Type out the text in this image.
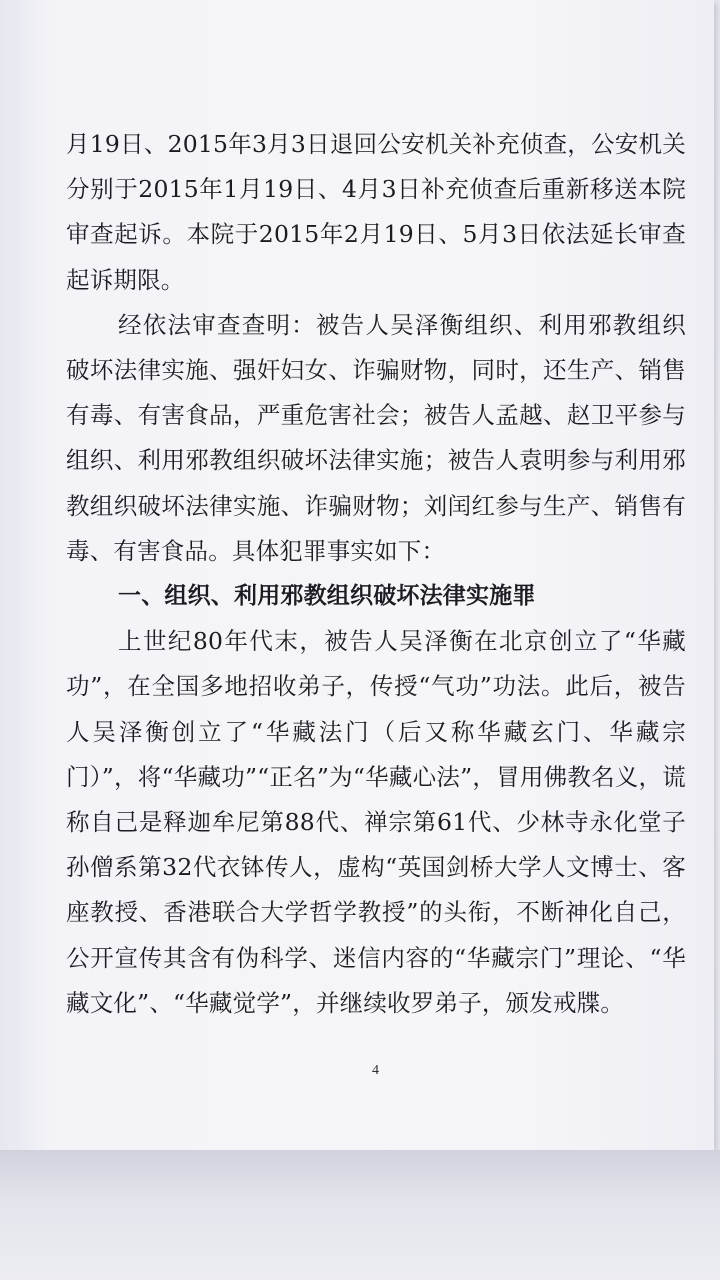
月19日、2015年3月3日退回公安机关补充侦查，公安机关分别于2015年1月19日、4月3日补充侦查后重新移送本院审查起诉。本院于2015年2月19日、5月3日依法延长审查起诉期限。

经依法审查查明：被告人吴泽衡组织、利用邪教组织破坏法律实施、强奸妇女、诈骗财物，同时，还生产、销售有毒、有害食品，严重危害社会；被告人孟越、赵卫平参与组织、利用邪教组织破坏法律实施；被告人袁明参与利用邪教组织破坏法律实施、诈骗财物；刘闰红参与生产、销售有毒、有害食品。具体犯罪事实如下：

一、组织、利用邪教组织破坏法律实施罪

上世纪80年代末，被告人吴泽衡在北京创立了“华藏功”，在全国多地招收弟子，传授“气功”功法。此后，被告人吴泽衡创立了“华藏法门（后又称华藏玄门、华藏宗门）”，将“华藏功”“正名”为“华藏心法”，冒用佛教名义，谎称自己是释迦牟尼第88代、禅宗第61代、少林寺永化堂子孙僧系第32代衣钵传人，虚构“英国剑桥大学人文博士、客座教授、香港联合大学哲学教授”的头衔，不断神化自己，公开宣传其含有伪科学、迷信内容的“华藏宗门”理论、“华藏文化”、“华藏觉学”，并继续收罗弟子，颁发戒牒。

4
